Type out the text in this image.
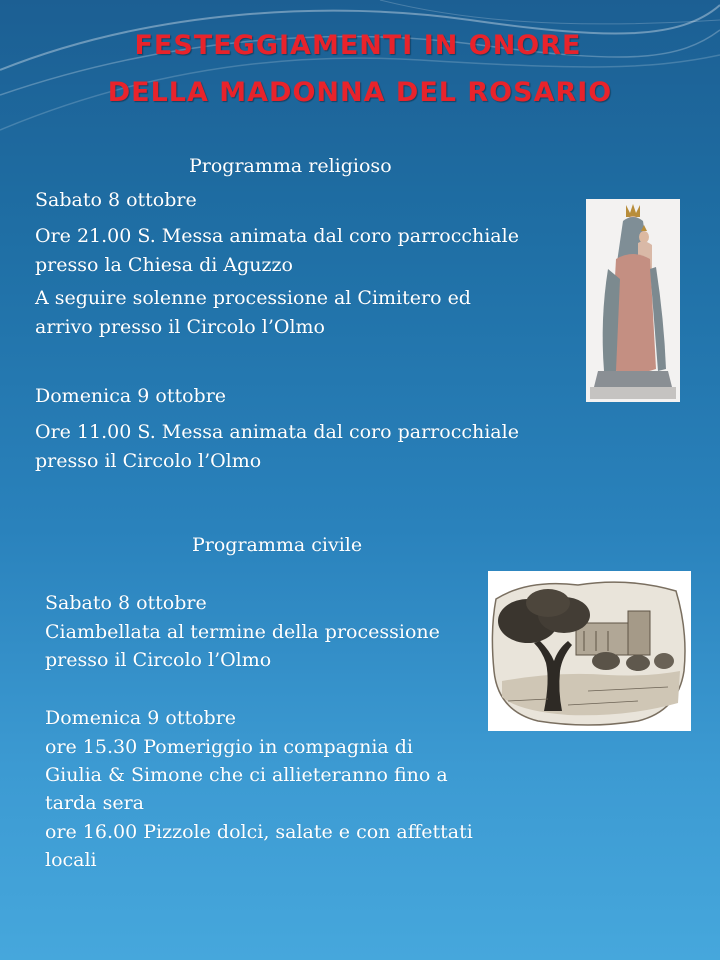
FESTEGGIAMENTI IN ONORE
DELLA MADONNA DEL ROSARIO
Programma religioso
Sabato 8 ottobre
Ore 21.00 S. Messa animata dal coro parrocchiale
presso la Chiesa di Aguzzo
A seguire solenne processione al Cimitero ed
arrivo presso il Circolo l’Olmo
Domenica 9 ottobre
Ore 11.00 S. Messa animata dal coro parrocchiale
presso il Circolo l’Olmo
Programma civile
Sabato 8 ottobre
Ciambellata al termine della processione
presso il Circolo l’Olmo
Domenica 9 ottobre
ore 15.30 Pomeriggio in compagnia di
Giulia & Simone che ci allieteranno fino a
tarda sera
ore 16.00 Pizzole dolci, salate e con affettati
locali
